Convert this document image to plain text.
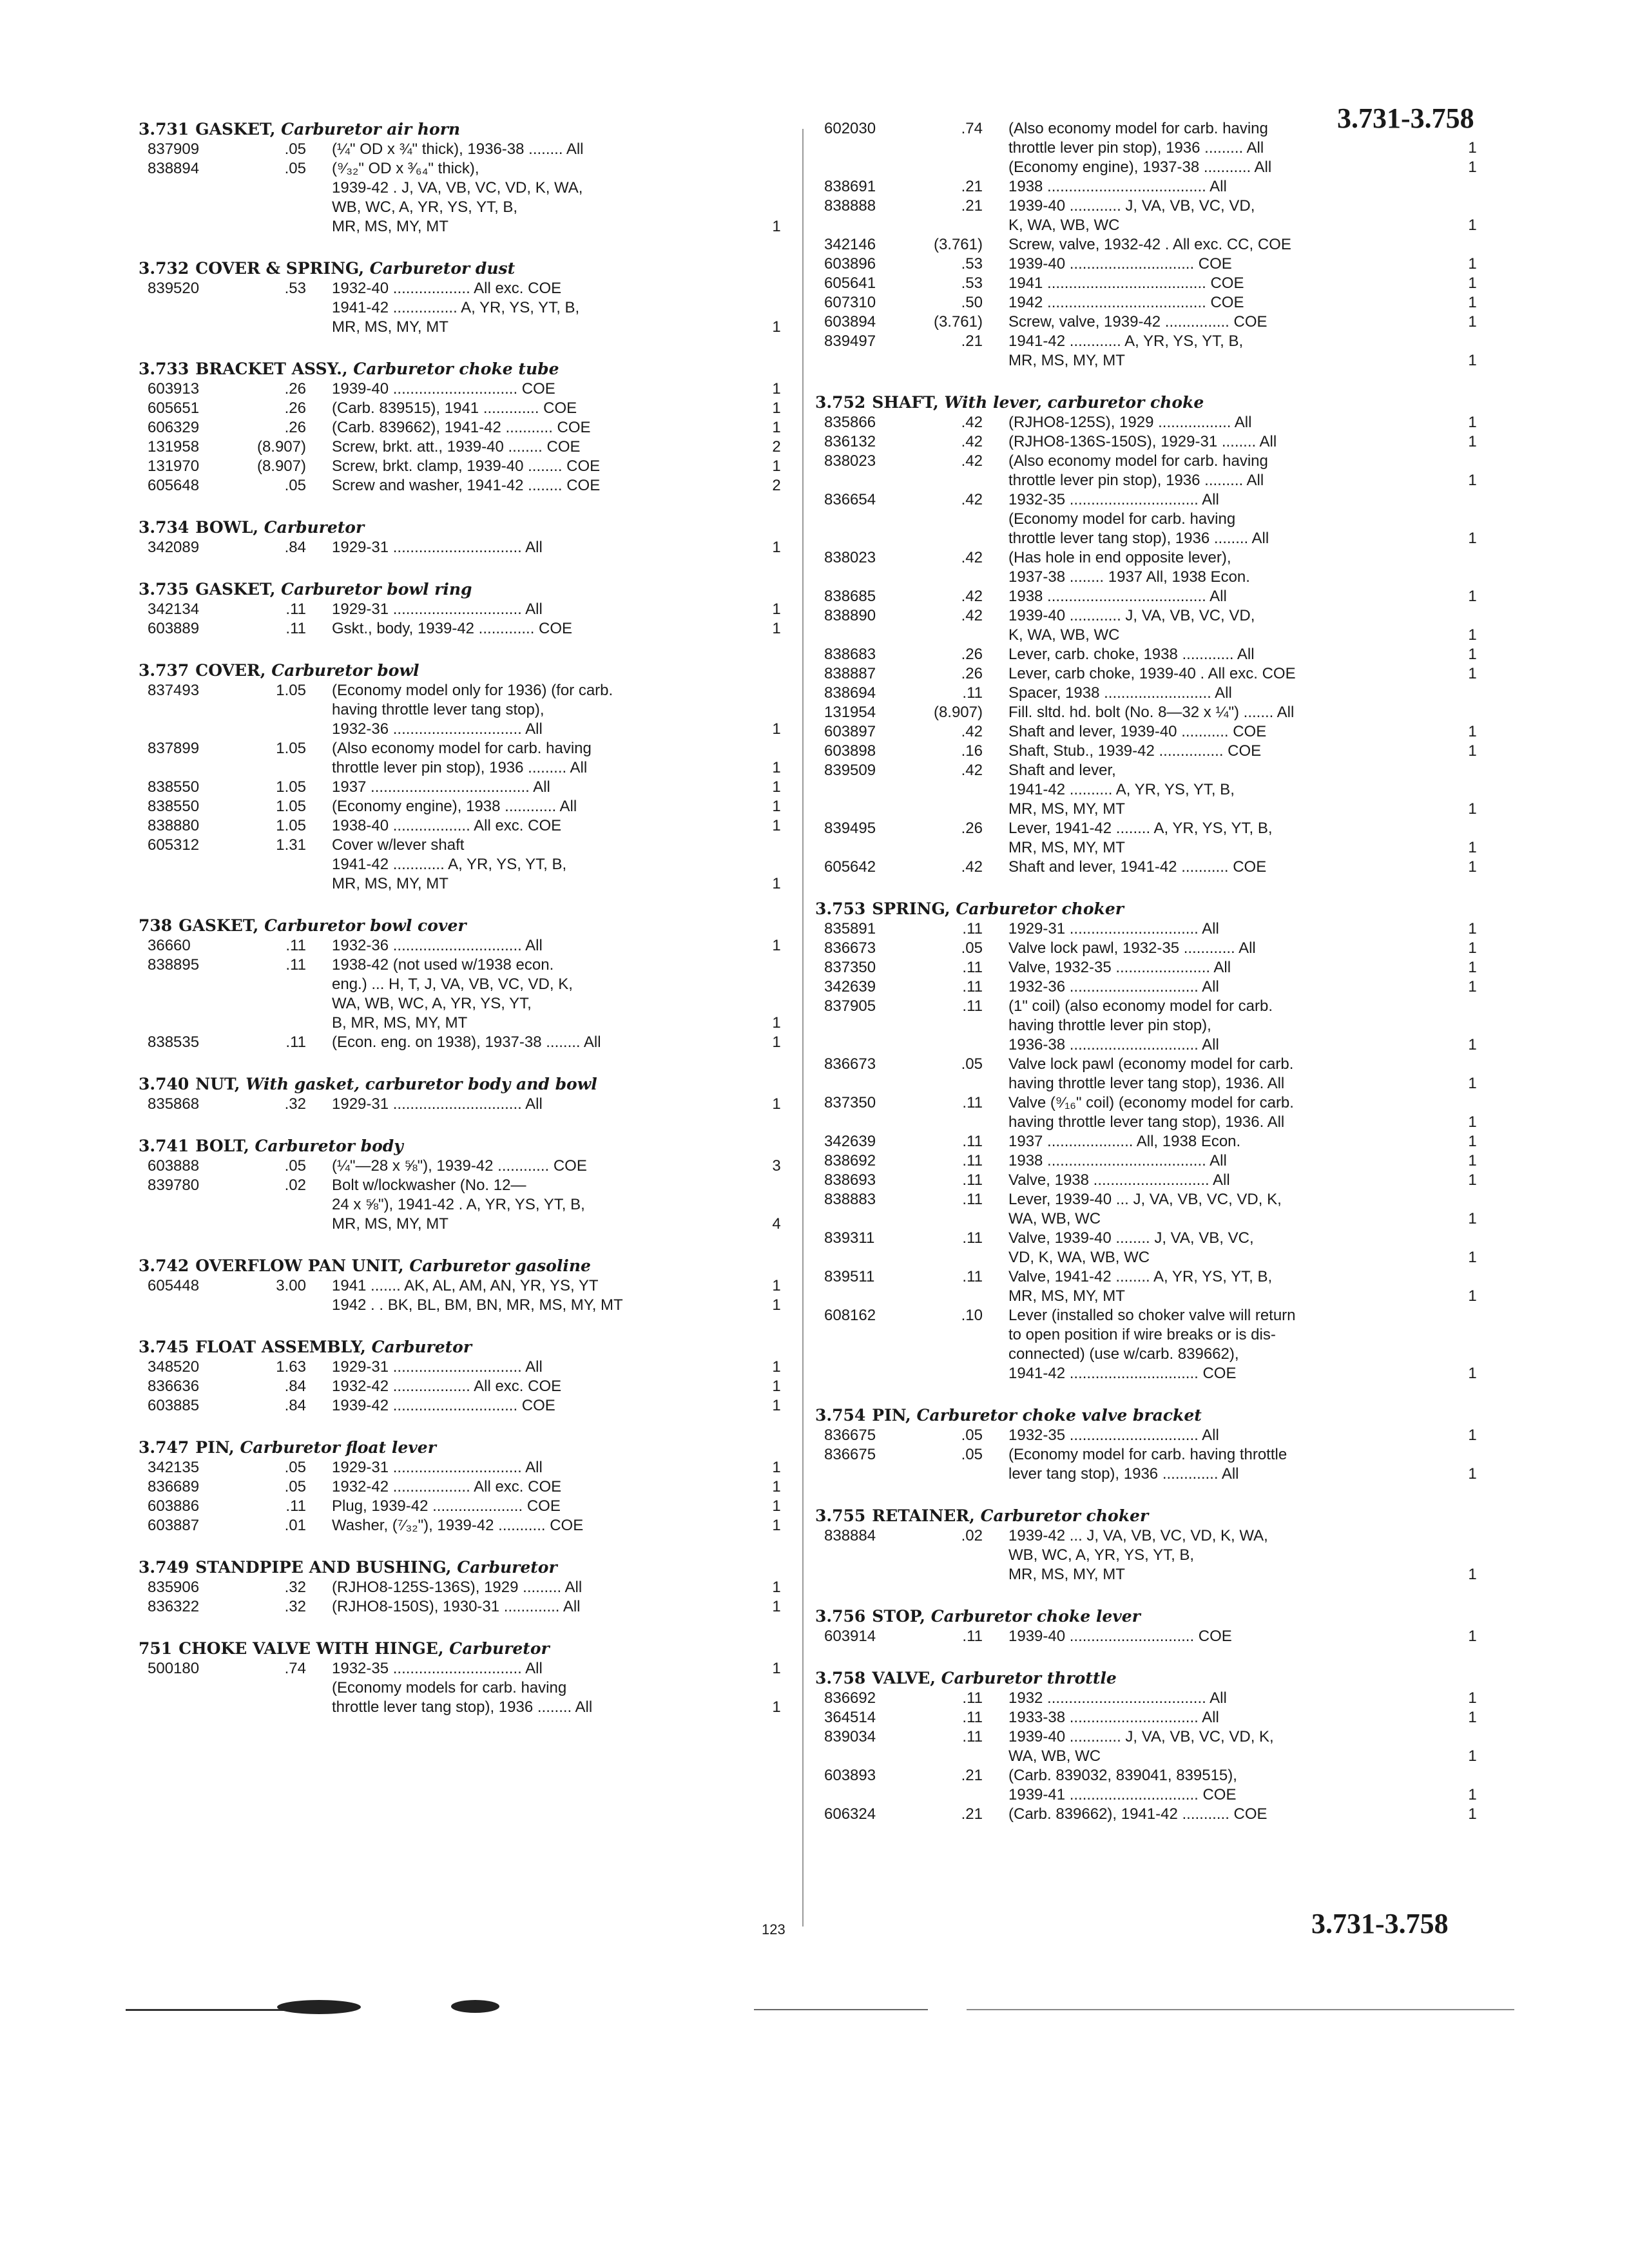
3.731-3.758
3.731 GASKET, Carburetor air horn
837909	.05 (¼" OD x ¾" thick), 1936-38 ........ All
838894	.05 (⁹⁄₃₂" OD x ³⁄₆₄" thick),
1939-42 . J, VA, VB, VC, VD, K, WA,
WB, WC, A, YR, YS, YT, B,
MR, MS, MY, MT	1
3.732 COVER & SPRING, Carburetor dust
839520	.53 1932-40 .................. All exc. COE
1941-42 ............... A, YR, YS, YT, B,
MR, MS, MY, MT	1
3.733 BRACKET ASSY., Carburetor choke tube
603913	.26 1939-40 ............................. COE	1
605651	.26 (Carb. 839515), 1941 ............. COE	1
606329	.26 (Carb. 839662), 1941-42 ........... COE	1
131958	(8.907) Screw, brkt. att., 1939-40 ........ COE	2
131970	(8.907) Screw, brkt. clamp, 1939-40 ........ COE	1
605648	.05 Screw and washer, 1941-42 ........ COE	2
3.734 BOWL, Carburetor
342089	.84 1929-31 .............................. All	1
3.735 GASKET, Carburetor bowl ring
342134	.11 1929-31 .............................. All	1
603889	.11 Gskt., body, 1939-42 ............. COE	1
3.737 COVER, Carburetor bowl
837493	1.05 (Economy model only for 1936) (for carb.
having throttle lever tang stop),
1932-36 .............................. All	1
837899	1.05 (Also economy model for carb. having
throttle lever pin stop), 1936 ......... All	1
838550	1.05 1937 ..................................... All	1
838550	1.05 (Economy engine), 1938 ............ All	1
838880	1.05 1938-40 .................. All exc. COE	1
605312	1.31 Cover w/lever shaft
1941-42 ............ A, YR, YS, YT, B,
MR, MS, MY, MT	1
738 GASKET, Carburetor bowl cover
36660	.11 1932-36 .............................. All	1
838895	.11 1938-42 (not used w/1938 econ.
eng.) ... H, T, J, VA, VB, VC, VD, K,
WA, WB, WC, A, YR, YS, YT,
B, MR, MS, MY, MT	1
838535	.11 (Econ. eng. on 1938), 1937-38 ........ All	1
3.740 NUT, With gasket, carburetor body and bowl
835868	.32 1929-31 .............................. All	1
3.741 BOLT, Carburetor body
603888	.05 (¼"—28 x ⅝"), 1939-42 ............ COE	3
839780	.02 Bolt w/lockwasher (No. 12—
24 x ⅝"), 1941-42 . A, YR, YS, YT, B,
MR, MS, MY, MT	4
3.742 OVERFLOW PAN UNIT, Carburetor gasoline
605448	3.00 1941 ....... AK, AL, AM, AN, YR, YS, YT	1
1942 . . BK, BL, BM, BN, MR, MS, MY, MT	1
3.745 FLOAT ASSEMBLY, Carburetor
348520	1.63 1929-31 .............................. All	1
836636	.84 1932-42 .................. All exc. COE	1
603885	.84 1939-42 ............................. COE	1
3.747 PIN, Carburetor float lever
342135	.05 1929-31 .............................. All	1
836689	.05 1932-42 .................. All exc. COE	1
603886	.11 Plug, 1939-42 ..................... COE	1
603887	.01 Washer, (⁷⁄₃₂"), 1939-42 ........... COE	1
3.749 STANDPIPE AND BUSHING, Carburetor
835906	.32 (RJHO8-125S-136S), 1929 ......... All	1
836322	.32 (RJHO8-150S), 1930-31 ............. All	1
751 CHOKE VALVE WITH HINGE, Carburetor
500180	.74 1932-35 .............................. All	1
(Economy models for carb. having
throttle lever tang stop), 1936 ........ All	1
602030	.74 (Also economy model for carb. having
throttle lever pin stop), 1936 ......... All	1
(Economy engine), 1937-38 ........... All	1
838691	.21 1938 ..................................... All
838888	.21 1939-40 ............ J, VA, VB, VC, VD,
K, WA, WB, WC	1
342146	(3.761) Screw, valve, 1932-42 . All exc. CC, COE
603896	.53 1939-40 ............................. COE	1
605641	.53 1941 ..................................... COE	1
607310	.50 1942 ..................................... COE	1
603894	(3.761) Screw, valve, 1939-42 ............... COE	1
839497	.21 1941-42 ............ A, YR, YS, YT, B,
MR, MS, MY, MT	1
3.752 SHAFT, With lever, carburetor choke
835866	.42 (RJHO8-125S), 1929 ................. All	1
836132	.42 (RJHO8-136S-150S), 1929-31 ........ All	1
838023	.42 (Also economy model for carb. having
throttle lever pin stop), 1936 ......... All	1
836654	.42 1932-35 .............................. All
(Economy model for carb. having
throttle lever tang stop), 1936 ........ All	1
838023	.42 (Has hole in end opposite lever),
1937-38 ........ 1937 All, 1938 Econ.
838685	.42 1938 ..................................... All	1
838890	.42 1939-40 ............ J, VA, VB, VC, VD,
K, WA, WB, WC	1
838683	.26 Lever, carb. choke, 1938 ............ All	1
838887	.26 Lever, carb choke, 1939-40 . All exc. COE	1
838694	.11 Spacer, 1938 ......................... All
131954	(8.907) Fill. sltd. hd. bolt (No. 8—32 x ¼") ....... All
603897	.42 Shaft and lever, 1939-40 ........... COE	1
603898	.16 Shaft, Stub., 1939-42 ............... COE	1
839509	.42 Shaft and lever,
1941-42 .......... A, YR, YS, YT, B,
MR, MS, MY, MT	1
839495	.26 Lever, 1941-42 ........ A, YR, YS, YT, B,
MR, MS, MY, MT	1
605642	.42 Shaft and lever, 1941-42 ........... COE	1
3.753 SPRING, Carburetor choker
835891	.11 1929-31 .............................. All	1
836673	.05 Valve lock pawl, 1932-35 ............ All	1
837350	.11 Valve, 1932-35 ...................... All	1
342639	.11 1932-36 .............................. All	1
837905	.11 (1" coil) (also economy model for carb.
having throttle lever pin stop),
1936-38 .............................. All	1
836673	.05 Valve lock pawl (economy model for carb.
having throttle lever tang stop), 1936. All	1
837350	.11 Valve (⁹⁄₁₆" coil) (economy model for carb.
having throttle lever tang stop), 1936. All	1
342639	.11 1937 .................... All, 1938 Econ.	1
838692	.11 1938 ..................................... All	1
838693	.11 Valve, 1938 ........................... All	1
838883	.11 Lever, 1939-40 ... J, VA, VB, VC, VD, K,
WA, WB, WC	1
839311	.11 Valve, 1939-40 ........ J, VA, VB, VC,
VD, K, WA, WB, WC	1
839511	.11 Valve, 1941-42 ........ A, YR, YS, YT, B,
MR, MS, MY, MT	1
608162	.10 Lever (installed so choker valve will return
to open position if wire breaks or is dis-
connected) (use w/carb. 839662),
1941-42 .............................. COE	1
3.754 PIN, Carburetor choke valve bracket
836675	.05 1932-35 .............................. All	1
836675	.05 (Economy model for carb. having throttle
lever tang stop), 1936 ............. All	1
3.755 RETAINER, Carburetor choker
838884	.02 1939-42 ... J, VA, VB, VC, VD, K, WA,
WB, WC, A, YR, YS, YT, B,
MR, MS, MY, MT	1
3.756 STOP, Carburetor choke lever
603914	.11 1939-40 ............................. COE	1
3.758 VALVE, Carburetor throttle
836692	.11 1932 ..................................... All	1
364514	.11 1933-38 .............................. All	1
839034	.11 1939-40 ............ J, VA, VB, VC, VD, K,
WA, WB, WC	1
603893	.21 (Carb. 839032, 839041, 839515),
1939-41 .............................. COE	1
606324	.21 (Carb. 839662), 1941-42 ........... COE	1
123	3.731-3.758
